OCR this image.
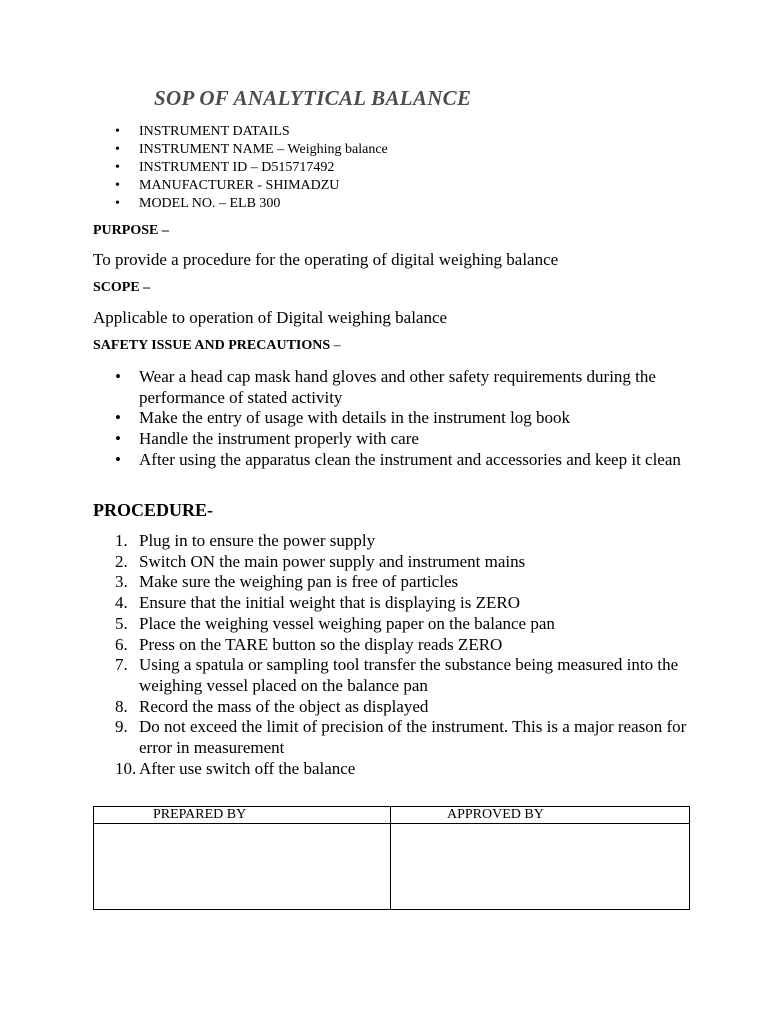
SOP OF ANALYTICAL BALANCE
• INSTRUMENT DATAILS
• INSTRUMENT NAME – Weighing balance
• INSTRUMENT ID – D515717492
• MANUFACTURER - SHIMADZU
• MODEL NO. – ELB 300

PURPOSE –

To provide a procedure for the operating of digital weighing balance

SCOPE –

Applicable to operation of Digital weighing balance

SAFETY ISSUE AND PRECAUTIONS –

• Wear a head cap mask hand gloves and other safety requirements during the performance of stated activity
• Make the entry of usage with details in the instrument log book
• Handle the instrument properly with care
• After using the apparatus clean the instrument and accessories and keep it clean

PROCEDURE-

1. Plug in to ensure the power supply
2. Switch ON the main power supply and instrument mains
3. Make sure the weighing pan is free of particles
4. Ensure that the initial weight that is displaying is ZERO
5. Place the weighing vessel weighing paper on the balance pan
6. Press on the TARE button so the display reads ZERO
7. Using a spatula or sampling tool transfer the substance being measured into the weighing vessel placed on the balance pan
8. Record the mass of the object as displayed
9. Do not exceed the limit of precision of the instrument. This is a major reason for error in measurement
10. After use switch off the balance
PREPARED BY	APPROVED BY
